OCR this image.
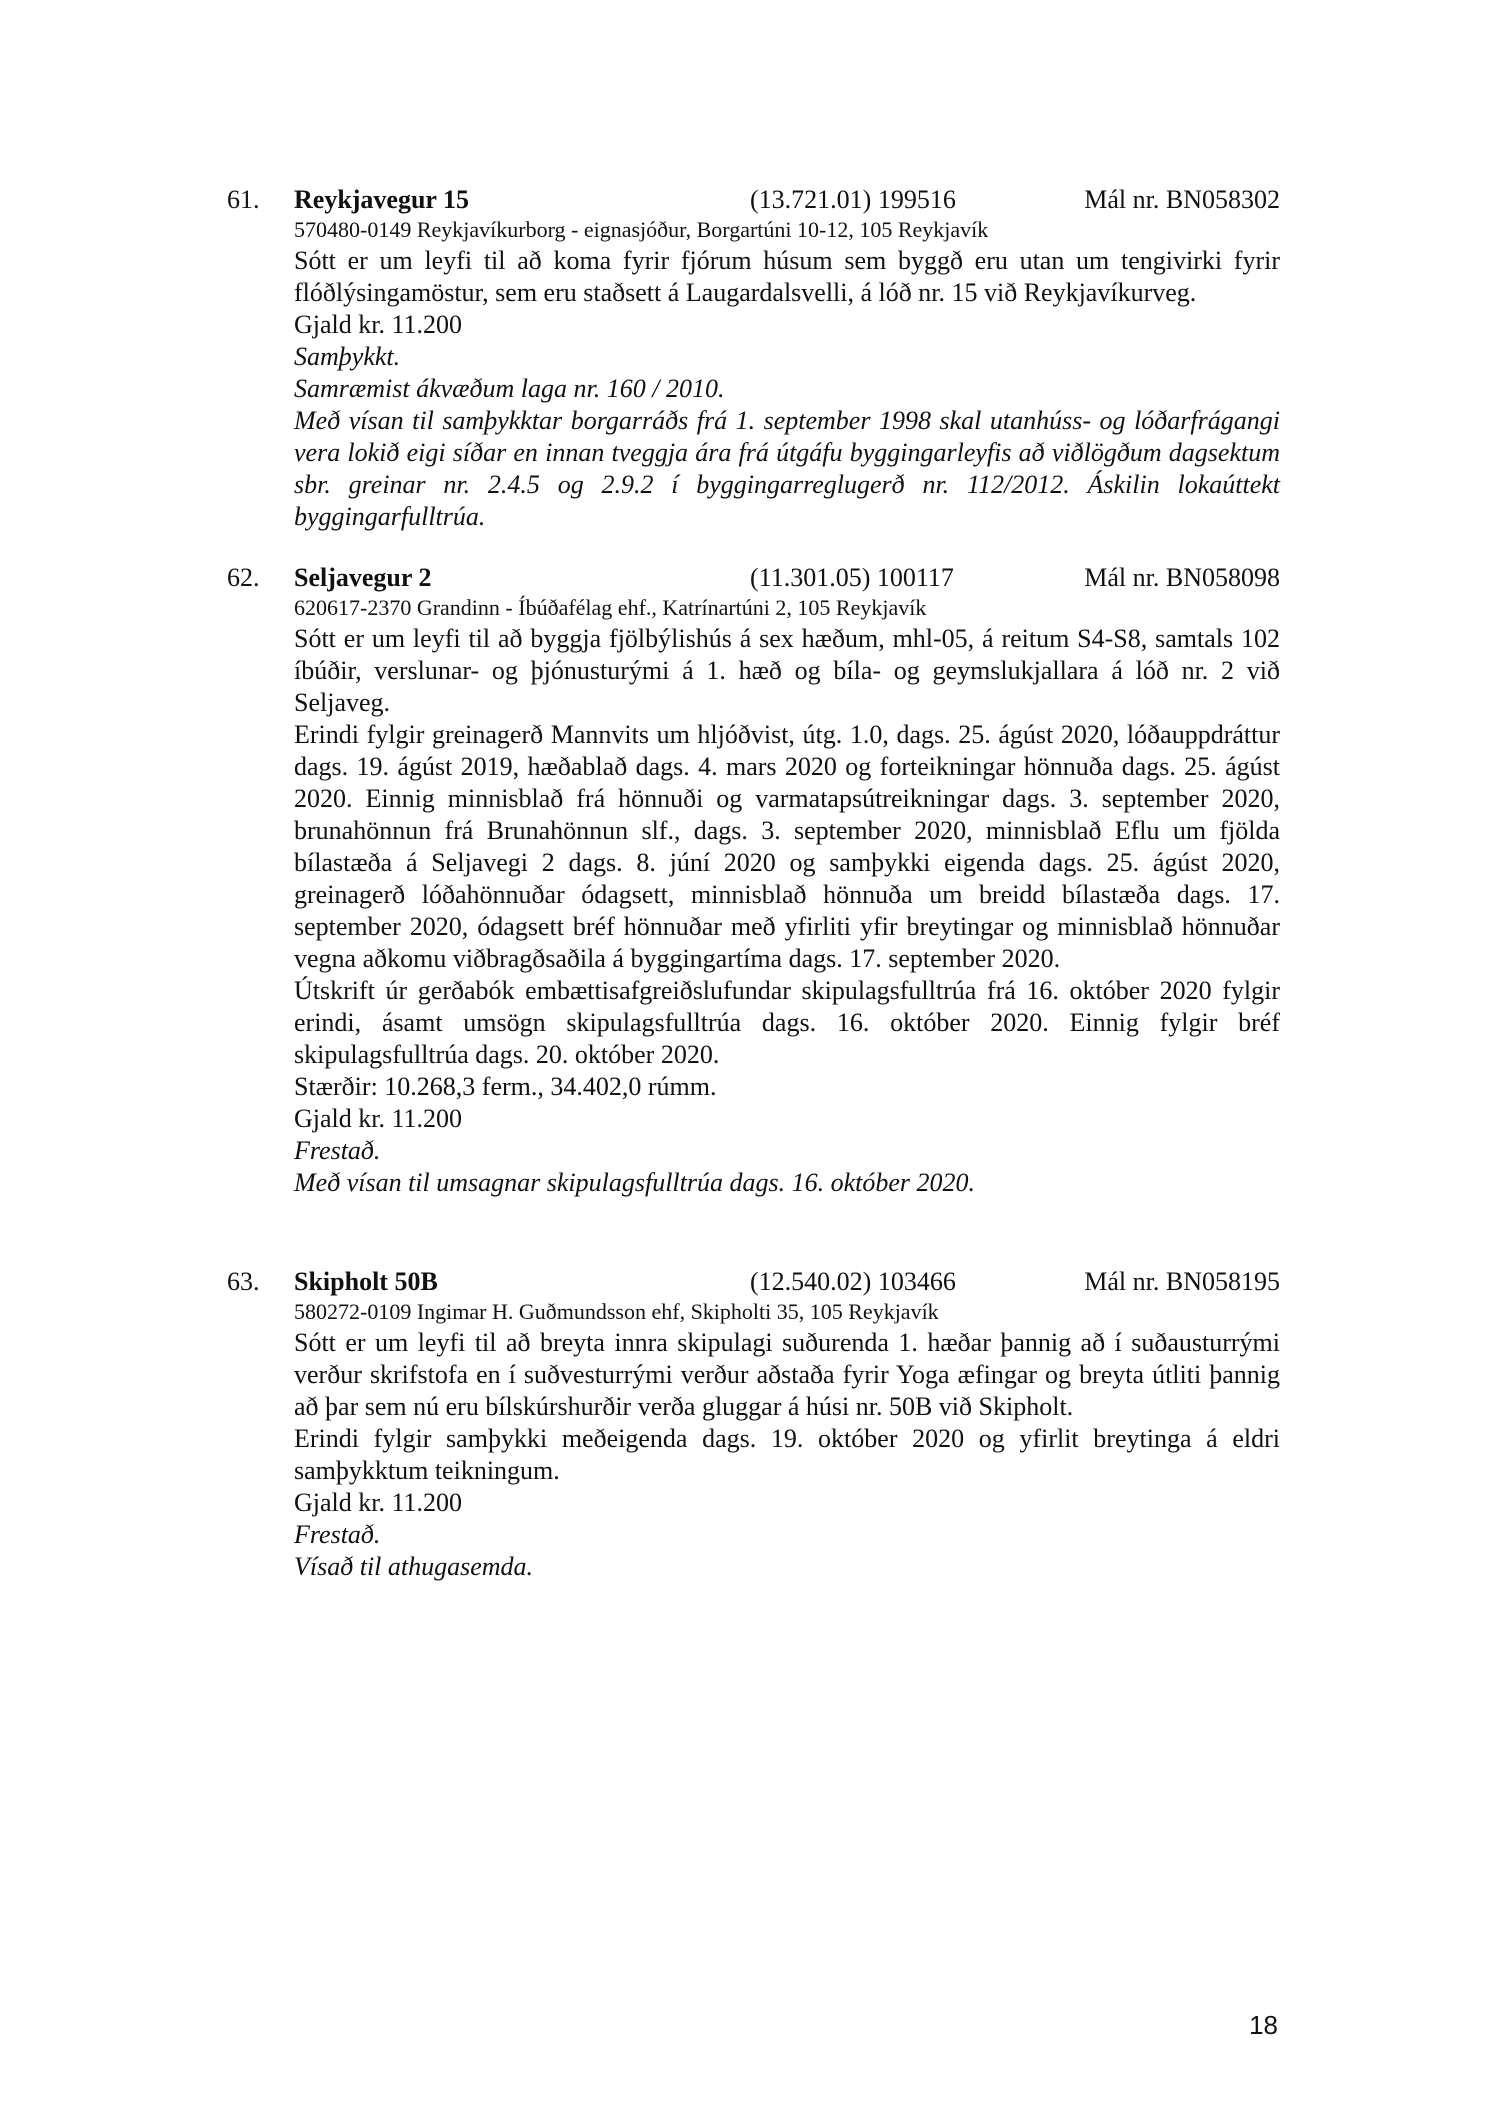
61. Reykjavegur 15	(13.721.01) 199516	Mál nr. BN058302
570480-0149 Reykjavíkurborg - eignasjóður, Borgartúni 10-12, 105 Reykjavík

Sótt er um leyfi til að koma fyrir fjórum húsum sem byggð eru utan um tengivirki fyrir flóðlýsingamöstur, sem eru staðsett á Laugardalsvelli, á lóð nr. 15 við Reykjavíkurveg.

Gjald kr. 11.200

Samþykkt.

Samræmist ákvæðum laga nr. 160 / 2010.

Með vísan til samþykktar borgarráðs frá 1. september 1998 skal utanhúss- og lóðarfrágangi vera lokið eigi síðar en innan tveggja ára frá útgáfu byggingarleyfis að viðlögðum dagsektum sbr. greinar nr. 2.4.5 og 2.9.2 í byggingarreglugerð nr. 112/2012. Áskilin lokaúttekt byggingarfulltrúa.

62. Seljavegur 2	(11.301.05) 100117	Mál nr. BN058098
620617-2370 Grandinn - Íbúðafélag ehf., Katrínartúni 2, 105 Reykjavík

Sótt er um leyfi til að byggja fjölbýlishús á sex hæðum, mhl-05, á reitum S4-S8, samtals 102 íbúðir, verslunar- og þjónusturými á 1. hæð og bíla- og geymslukjallara á lóð nr. 2 við Seljaveg.

Erindi fylgir greinagerð Mannvits um hljóðvist, útg. 1.0, dags. 25. ágúst 2020, lóðauppdráttur dags. 19. ágúst 2019, hæðablað dags. 4. mars 2020 og forteikningar hönnuða dags. 25. ágúst 2020. Einnig minnisblað frá hönnuði og varmatapsútreikningar dags. 3. september 2020, brunahönnun frá Brunahönnun slf., dags. 3. september 2020, minnisblað Eflu um fjölda bílastæða á Seljavegi 2 dags. 8. júní 2020 og samþykki eigenda dags. 25. ágúst 2020, greinagerð lóðahönnuðar ódagsett, minnisblað hönnuða um breidd bílastæða dags. 17. september 2020, ódagsett bréf hönnuðar með yfirliti yfir breytingar og minnisblað hönnuðar vegna aðkomu viðbragðsaðila á byggingartíma dags. 17. september 2020.

Útskrift úr gerðabók embættisafgreiðslufundar skipulagsfulltrúa frá 16. október 2020 fylgir erindi, ásamt umsögn skipulagsfulltrúa dags. 16. október 2020. Einnig fylgir bréf skipulagsfulltrúa dags. 20. október 2020.

Stærðir: 10.268,3 ferm., 34.402,0 rúmm.

Gjald kr. 11.200

Frestað.

Með vísan til umsagnar skipulagsfulltrúa dags. 16. október 2020.

63. Skipholt 50B	(12.540.02) 103466	Mál nr. BN058195
580272-0109 Ingimar H. Guðmundsson ehf, Skipholti 35, 105 Reykjavík

Sótt er um leyfi til að breyta innra skipulagi suðurenda 1. hæðar þannig að í suðausturrými verður skrifstofa en í suðvesturrými verður aðstaða fyrir Yoga æfingar og breyta útliti þannig að þar sem nú eru bílskúrshurðir verða gluggar á húsi nr. 50B við Skipholt.

Erindi fylgir samþykki meðeigenda dags. 19. október 2020 og yfirlit breytinga á eldri samþykktum teikningum.

Gjald kr. 11.200

Frestað.

Vísað til athugasemda.

18
